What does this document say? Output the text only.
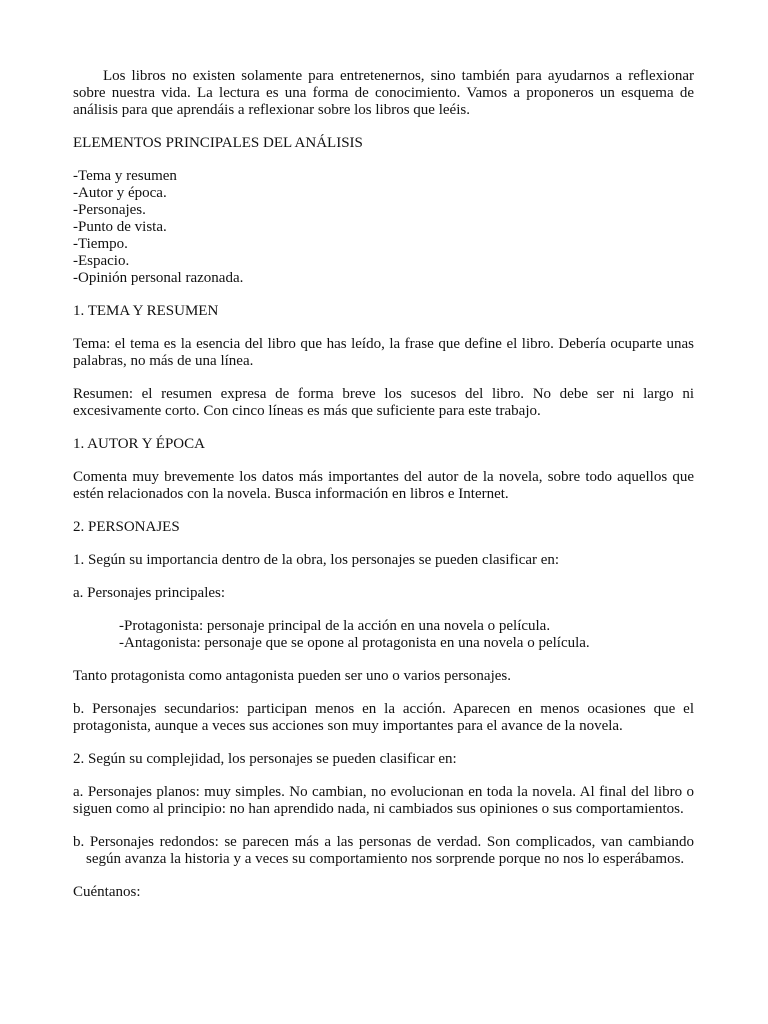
Los libros no existen solamente para entretenernos, sino también para ayudarnos a reflexionar sobre nuestra vida. La lectura es una forma de conocimiento. Vamos a proponeros un esquema de análisis para que aprendáis a reflexionar sobre los libros que leéis.

ELEMENTOS PRINCIPALES DEL ANÁLISIS

-Tema y resumen
-Autor y época.
-Personajes.
-Punto de vista.
-Tiempo.
-Espacio.
-Opinión personal razonada.

1. TEMA Y RESUMEN

Tema: el tema es la esencia del libro que has leído, la frase que define el libro. Debería ocuparte unas palabras, no más de una línea.

Resumen: el resumen expresa de forma breve los sucesos del libro. No debe ser ni largo ni excesivamente corto. Con cinco líneas es más que suficiente para este trabajo.

1. AUTOR Y ÉPOCA

Comenta muy brevemente los datos más importantes del autor de la novela, sobre todo aquellos que estén relacionados con la novela. Busca información en libros e Internet.

2. PERSONAJES

1. Según su importancia dentro de la obra, los personajes se pueden clasificar en:

a. Personajes principales:

-Protagonista: personaje principal de la acción en una novela o película.
-Antagonista: personaje que se opone al protagonista en una novela o película.

Tanto protagonista como antagonista pueden ser uno o varios personajes.

b. Personajes secundarios: participan menos en la acción. Aparecen en menos ocasiones que el protagonista, aunque a veces sus acciones son muy importantes para el avance de la novela.

2. Según su complejidad, los personajes se pueden clasificar en:

a. Personajes planos: muy simples. No cambian, no evolucionan en toda la novela. Al final del libro o siguen como al principio: no han aprendido nada, ni cambiados sus opiniones o sus comportamientos.

b. Personajes redondos: se parecen más a las personas de verdad. Son complicados, van cambiando según avanza la historia y a veces su comportamiento nos sorprende porque no nos lo esperábamos.

Cuéntanos:
